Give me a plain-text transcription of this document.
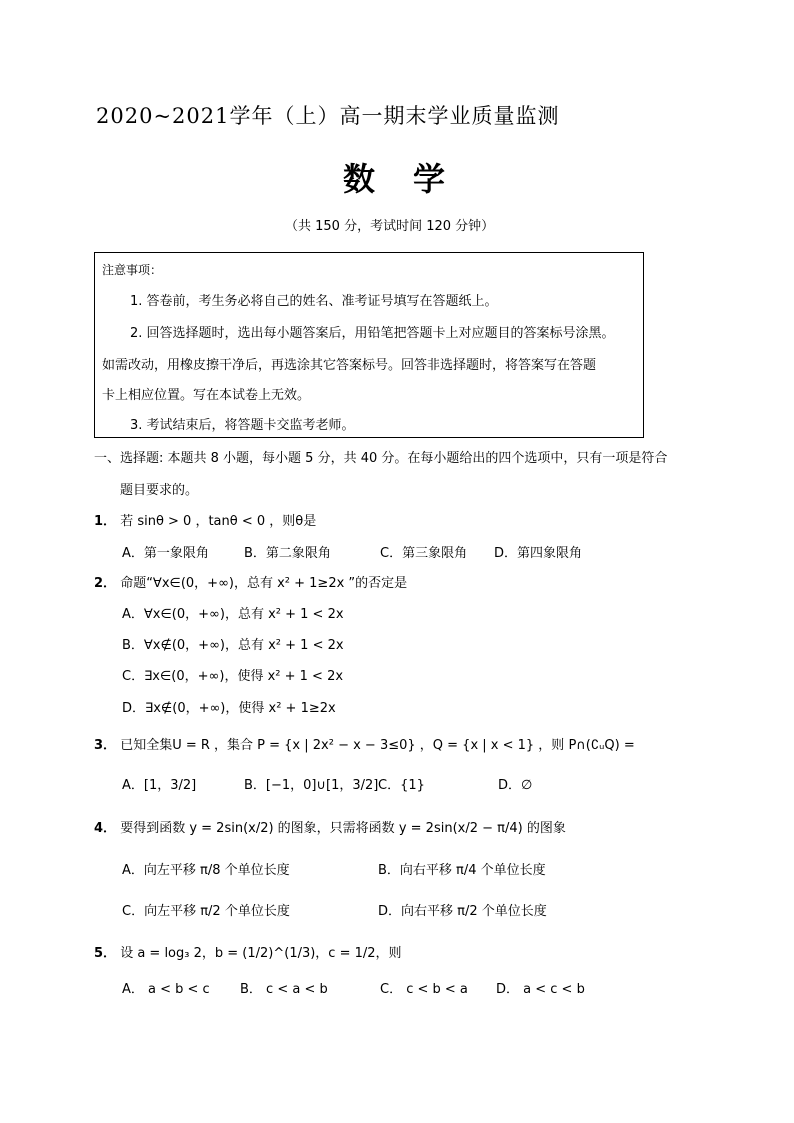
2020~2021学年（上）高一期末学业质量监测
数学
（共 150 分，考试时间 120 分钟）
注意事项：
1. 答卷前，考生务必将自己的姓名、准考证号填写在答题纸上。
2. 回答选择题时，选出每小题答案后，用铅笔把答题卡上对应题目的答案标号涂黑。
如需改动，用橡皮擦干净后，再选涂其它答案标号。回答非选择题时，将答案写在答题
卡上相应位置。写在本试卷上无效。
3. 考试结束后，将答题卡交监考老师。
一、选择题: 本题共 8 小题，每小题 5 分，共 40 分。在每小题给出的四个选项中，只有一项是符合
题目要求的。
1． 若 sinθ > 0 ，tanθ < 0 ，则θ是
A．第一象限角	B．第二象限角	C．第三象限角 D．第四象限角
2． 命题“∀x∈(0，+∞)，总有 x² + 1≥2x ”的否定是
A．∀x∈(0，+∞)，总有 x² + 1 < 2x
B．∀x∉(0，+∞)，总有 x² + 1 < 2x
C．∃x∈(0，+∞)，使得 x² + 1 < 2x
D．∃x∉(0，+∞)，使得 x² + 1≥2x
3． 已知全集U = R ，集合 P = {x | 2x² − x − 3≤0} ，Q = {x | x < 1} ，则 P∩(∁ᵤQ) =
A．[1，3/2]	B．[−1，0]∪[1，3/2] C．{1}	D．∅
4． 要得到函数 y = 2sin(x/2) 的图象，只需将函数 y = 2sin(x/2 − π/4) 的图象
A．向左平移 π/8 个单位长度	B．向右平移 π/4 个单位长度
C．向左平移 π/2 个单位长度	D．向右平移 π/2 个单位长度
5． 设 a = log₃ 2，b = (1/2)^(1/3)，c = 1/2，则
A． a < b < c B． c < a < b	C． c < b < a D． a < c < b
